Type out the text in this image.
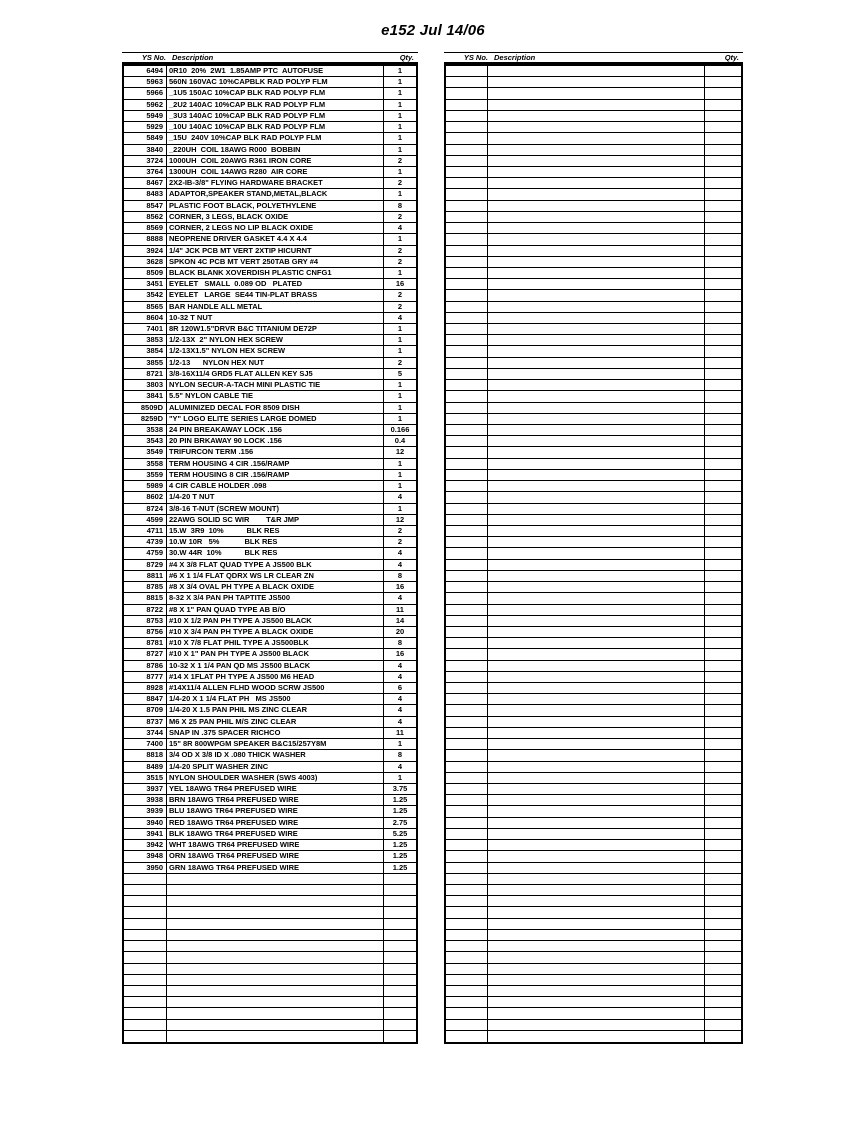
e152 Jul 14/06
YS No. Description	Qty.
6494 0R10  20%  2W1  1.85AMP PTC  AUTOFUSE	1
5963 560N 160VAC 10%CAPBLK RAD POLYP FLM	1
5966 _1U5 150AC 10%CAP BLK RAD POLYP FLM	1
5962 _2U2 140AC 10%CAP BLK RAD POLYP FLM	1
5949 _3U3 140AC 10%CAP BLK RAD POLYP FLM	1
5929 _10U 140AC 10%CAP BLK RAD POLYP FLM	1
5849 _15U  240V 10%CAP BLK RAD POLYP FLM	1
3840 _220UH  COIL 18AWG R000  BOBBIN	1
3724 1000UH  COIL 20AWG R361 IRON CORE	2
3764 1300UH  COIL 14AWG R280  AIR CORE	1
8467 2X2-IB-3/8" FLYING HARDWARE BRACKET	2
8483 ADAPTOR,SPEAKER STAND,METAL,BLACK	1
8547 PLASTIC FOOT BLACK, POLYETHYLENE	8
8562 CORNER, 3 LEGS, BLACK OXIDE	2
8569 CORNER, 2 LEGS NO LIP BLACK OXIDE	4
8888 NEOPRENE DRIVER GASKET 4.4 X 4.4	1
3924 1/4" JCK PCB MT VERT 2XTIP HICURNT	2
3628 SPKON 4C PCB MT VERT 250TAB GRY #4	2
8509 BLACK BLANK XOVERDISH PLASTIC CNFG1	1
3451 EYELET   SMALL  0.089 OD   PLATED	16
3542 EYELET   LARGE  SE44 TIN-PLAT BRASS	2
8565 BAR HANDLE ALL METAL	2
8604 10-32 T NUT	4
7401 8R 120W1.5"DRVR B&C TITANIUM DE72P	1
3853 1/2-13X  2" NYLON HEX SCREW	1
3854 1/2-13X1.5" NYLON HEX SCREW	1
3855 1/2-13      NYLON HEX NUT	2
8721 3/8-16X11/4 GRD5 FLAT ALLEN KEY SJ5	5
3803 NYLON SECUR-A-TACH MINI PLASTIC TIE	1
3841 5.5" NYLON CABLE TIE	1
8509D ALUMINIZED DECAL FOR 8509 DISH	1
8259D "Y" LOGO ELITE SERIES LARGE DOMED	1
3538 24 PIN BREAKAWAY LOCK .156	0.166
3543 20 PIN BRKAWAY 90 LOCK .156	0.4
3549 TRIFURCON TERM .156	12
3558 TERM HOUSING 4 CIR .156/RAMP	1
3559 TERM HOUSING 8 CIR .156/RAMP	1
5989 4 CIR CABLE HOLDER .098	1
8602 1/4-20 T NUT	4
8724 3/8-16 T-NUT (SCREW MOUNT)	1
4599 22AWG SOLID SC WIR        T&R JMP	12
4711 15.W  3R9  10%           BLK RES	2
4739 10.W 10R   5%            BLK RES	2
4759 30.W 44R  10%           BLK RES	4
8729 #4 X 3/8 FLAT QUAD TYPE A JS500 BLK	4
8811 #6 X 1 1/4 FLAT QDRX WS LR CLEAR ZN	8
8785 #8 X 3/4 OVAL PH TYPE A BLACK OXIDE	16
8815 8-32 X 3/4 PAN PH TAPTITE JS500	4
8722 #8 X 1" PAN QUAD TYPE AB B/O	11
8753 #10 X 1/2 PAN PH TYPE A JS500 BLACK	14
8756 #10 X 3/4 PAN PH TYPE A BLACK OXIDE	20
8781 #10 X 7/8 FLAT PHIL TYPE A JS500BLK	8
8727 #10 X 1" PAN PH TYPE A JS500 BLACK	16
8786 10-32 X 1 1/4 PAN QD MS JS500 BLACK	4
8777 #14 X 1FLAT PH TYPE A JS500 M6 HEAD	4
8928 #14X11/4 ALLEN FLHD WOOD SCRW JS500	6
8847 1/4-20 X 1 1/4 FLAT PH   MS JS500	4
8709 1/4-20 X 1.5 PAN PHIL MS ZINC CLEAR	4
8737 M6 X 25 PAN PHIL M/S ZINC CLEAR	4
3744 SNAP IN .375 SPACER RICHCO	11
7400 15" 8R 800WPGM SPEAKER B&C15/257Y8M	1
8818 3/4 OD X 3/8 ID X .080 THICK WASHER	8
8489 1/4-20 SPLIT WASHER ZINC	4
3515 NYLON SHOULDER WASHER (SWS 4003)	1
3937 YEL 18AWG TR64 PREFUSED WIRE	3.75
3938 BRN 18AWG TR64 PREFUSED WIRE	1.25
3939 BLU 18AWG TR64 PREFUSED WIRE	1.25
3940 RED 18AWG TR64 PREFUSED WIRE	2.75
3941 BLK 18AWG TR64 PREFUSED WIRE	5.25
3942 WHT 18AWG TR64 PREFUSED WIRE	1.25
3948 ORN 18AWG TR64 PREFUSED WIRE	1.25
3950 GRN 18AWG TR64 PREFUSED WIRE	1.25
YS No. Description	Qty.
